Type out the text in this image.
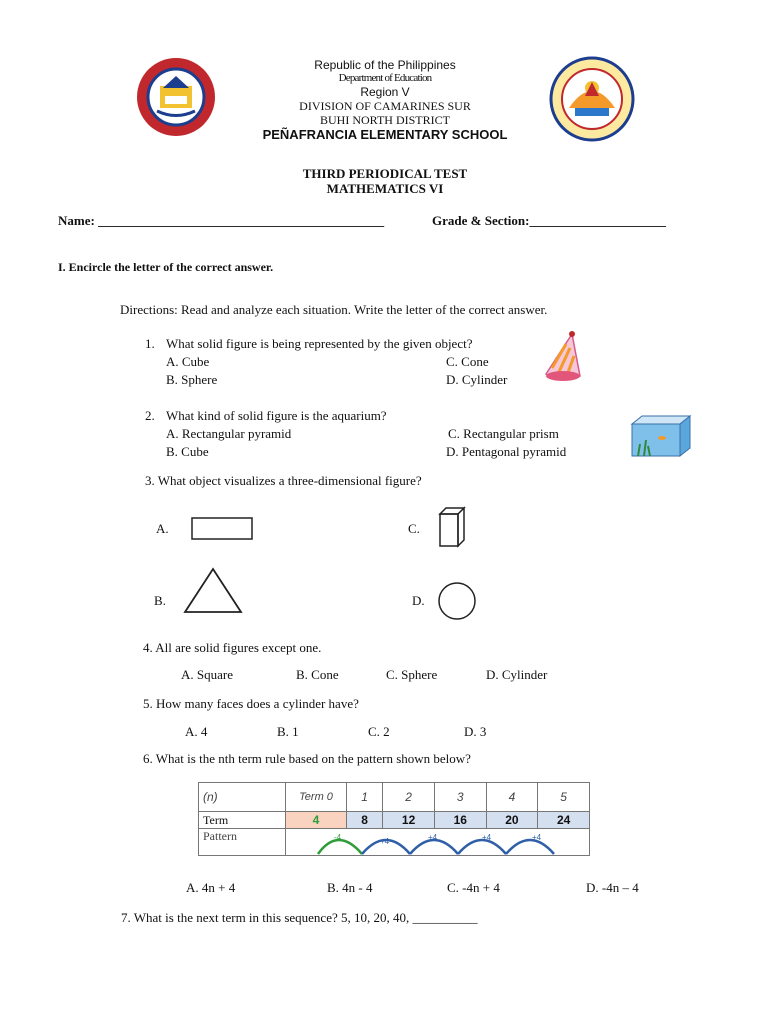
Republic of the Philippines
Department of Education
Region V
DIVISION OF CAMARINES SUR
BUHI NORTH DISTRICT
PEÑAFRANCIA ELEMENTARY SCHOOL
THIRD PERIODICAL TEST
MATHEMATICS VI
Name: ____________________________________________	Grade & Section:_____________________
I. Encircle the letter of the correct answer.
Directions: Read and analyze each situation. Write the letter of the correct answer.
1. What solid figure is being represented by the given object?
A. Cube	C. Cone
B. Sphere	D. Cylinder
2. What kind of solid figure is the aquarium?
A. Rectangular pyramid	C. Rectangular prism
B. Cube	D. Pentagonal pyramid
3. What object visualizes a three-dimensional figure?
A.	C.
B.	D.
4. All are solid figures except one.
A. Square	B. Cone	C. Sphere	D. Cylinder
5. How many faces does a cylinder have?
A. 4	B. 1	C. 2	D. 3
6. What is the nth term rule based on the pattern shown below?
(n)	Term 0	1	2	3	4	5
Term	4	8	12	16	20	24
Pattern							-4	+4	+4	+4	+4
A. 4n + 4	B. 4n - 4	C. -4n + 4	D. -4n – 4
7. What is the next term in this sequence? 5, 10, 20, 40, __________
